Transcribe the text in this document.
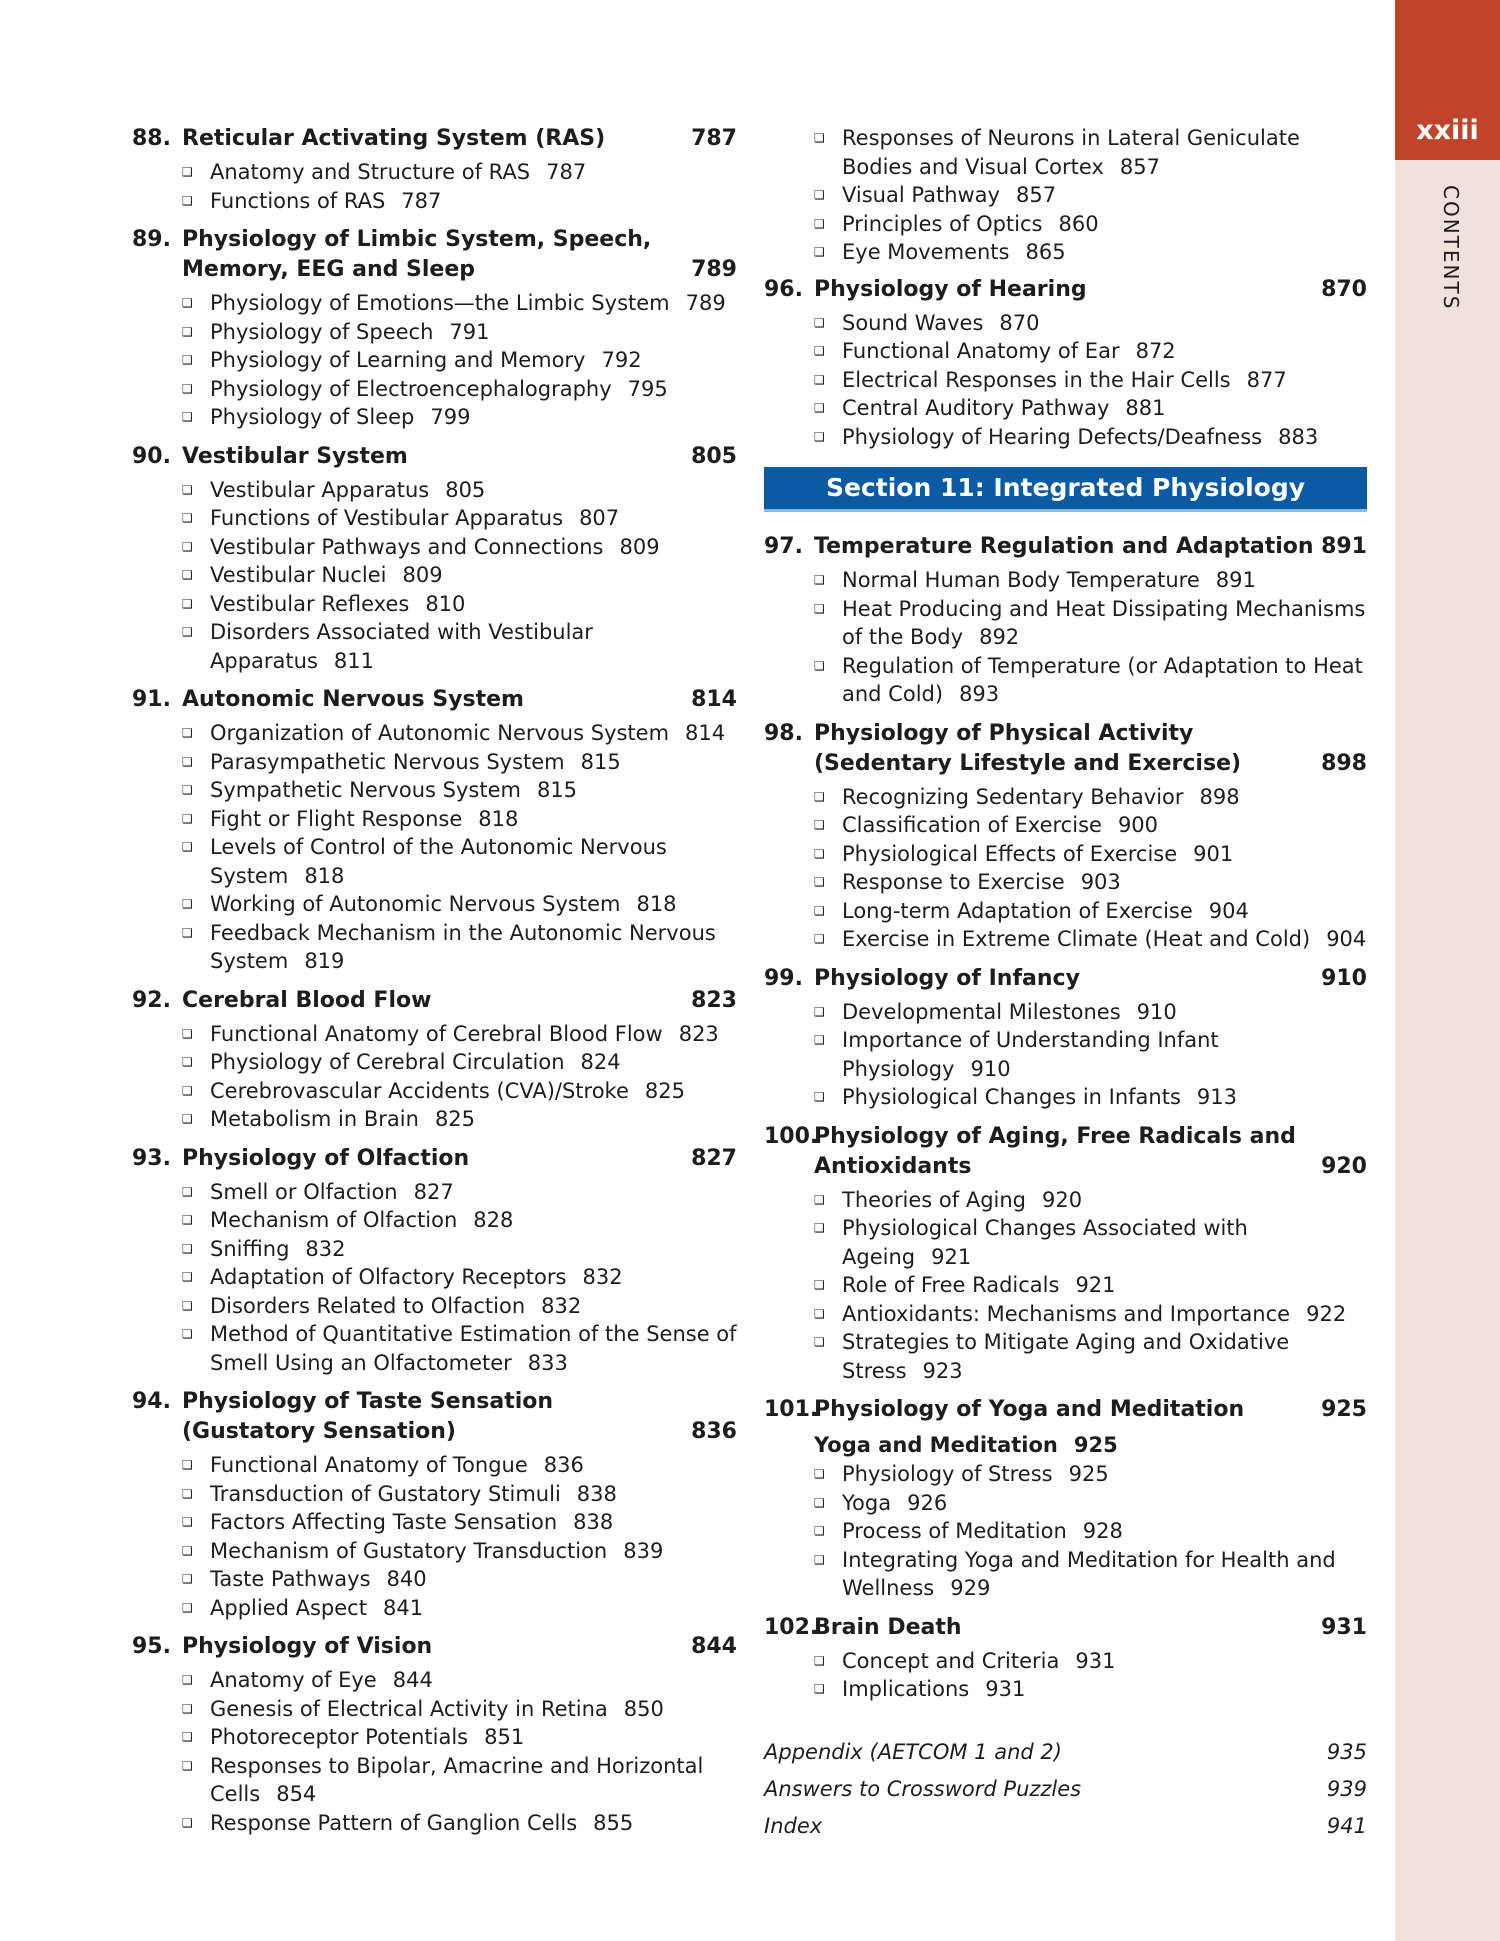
xxiii
CONTENTS
88. Reticular Activating System (RAS)	787
❑ Anatomy and Structure of RAS 787
❑ Functions of RAS 787
89. Physiology of Limbic System, Speech, Memory, EEG and Sleep	789
❑ Physiology of Emotions—the Limbic System 789
❑ Physiology of Speech 791
❑ Physiology of Learning and Memory 792
❑ Physiology of Electroencephalography 795
❑ Physiology of Sleep 799
90. Vestibular System	805
❑ Vestibular Apparatus 805
❑ Functions of Vestibular Apparatus 807
❑ Vestibular Pathways and Connections 809
❑ Vestibular Nuclei 809
❑ Vestibular Reflexes 810
❑ Disorders Associated with Vestibular Apparatus 811
91. Autonomic Nervous System	814
❑ Organization of Autonomic Nervous System 814
❑ Parasympathetic Nervous System 815
❑ Sympathetic Nervous System 815
❑ Fight or Flight Response 818
❑ Levels of Control of the Autonomic Nervous System 818
❑ Working of Autonomic Nervous System 818
❑ Feedback Mechanism in the Autonomic Nervous System 819
92. Cerebral Blood Flow	823
❑ Functional Anatomy of Cerebral Blood Flow 823
❑ Physiology of Cerebral Circulation 824
❑ Cerebrovascular Accidents (CVA)/Stroke 825
❑ Metabolism in Brain 825
93. Physiology of Olfaction	827
❑ Smell or Olfaction 827
❑ Mechanism of Olfaction 828
❑ Sniffing 832
❑ Adaptation of Olfactory Receptors 832
❑ Disorders Related to Olfaction 832
❑ Method of Quantitative Estimation of the Sense of Smell Using an Olfactometer 833
94. Physiology of Taste Sensation (Gustatory Sensation)	836
❑ Functional Anatomy of Tongue 836
❑ Transduction of Gustatory Stimuli 838
❑ Factors Affecting Taste Sensation 838
❑ Mechanism of Gustatory Transduction 839
❑ Taste Pathways 840
❑ Applied Aspect 841
95. Physiology of Vision	844
❑ Anatomy of Eye 844
❑ Genesis of Electrical Activity in Retina 850
❑ Photoreceptor Potentials 851
❑ Responses to Bipolar, Amacrine and Horizontal Cells 854
❑ Response Pattern of Ganglion Cells 855
❑ Responses of Neurons in Lateral Geniculate Bodies and Visual Cortex 857
❑ Visual Pathway 857
❑ Principles of Optics 860
❑ Eye Movements 865
96. Physiology of Hearing	870
❑ Sound Waves 870
❑ Functional Anatomy of Ear 872
❑ Electrical Responses in the Hair Cells 877
❑ Central Auditory Pathway 881
❑ Physiology of Hearing Defects/Deafness 883
Section 11: Integrated Physiology
97. Temperature Regulation and Adaptation 891
❑ Normal Human Body Temperature 891
❑ Heat Producing and Heat Dissipating Mechanisms of the Body 892
❑ Regulation of Temperature (or Adaptation to Heat and Cold) 893
98. Physiology of Physical Activity (Sedentary Lifestyle and Exercise)	898
❑ Recognizing Sedentary Behavior 898
❑ Classification of Exercise 900
❑ Physiological Effects of Exercise 901
❑ Response to Exercise 903
❑ Long-term Adaptation of Exercise 904
❑ Exercise in Extreme Climate (Heat and Cold) 904
99. Physiology of Infancy	910
❑ Developmental Milestones 910
❑ Importance of Understanding Infant Physiology 910
❑ Physiological Changes in Infants 913
100.
Physiology of Aging, Free Radicals and Antioxidants	920
❑ Theories of Aging 920
❑ Physiological Changes Associated with Ageing 921
❑ Role of Free Radicals 921
❑ Antioxidants: Mechanisms and Importance 922
❑ Strategies to Mitigate Aging and Oxidative Stress 923
101.
Physiology of Yoga and Meditation	925
Yoga and Meditation 925
❑ Physiology of Stress 925
❑ Yoga 926
❑ Process of Meditation 928
❑ Integrating Yoga and Meditation for Health and Wellness 929
102.
Brain Death	931
❑ Concept and Criteria 931
❑ Implications 931
Appendix (AETCOM 1 and 2)	935
Answers to Crossword Puzzles	939
Index	941
